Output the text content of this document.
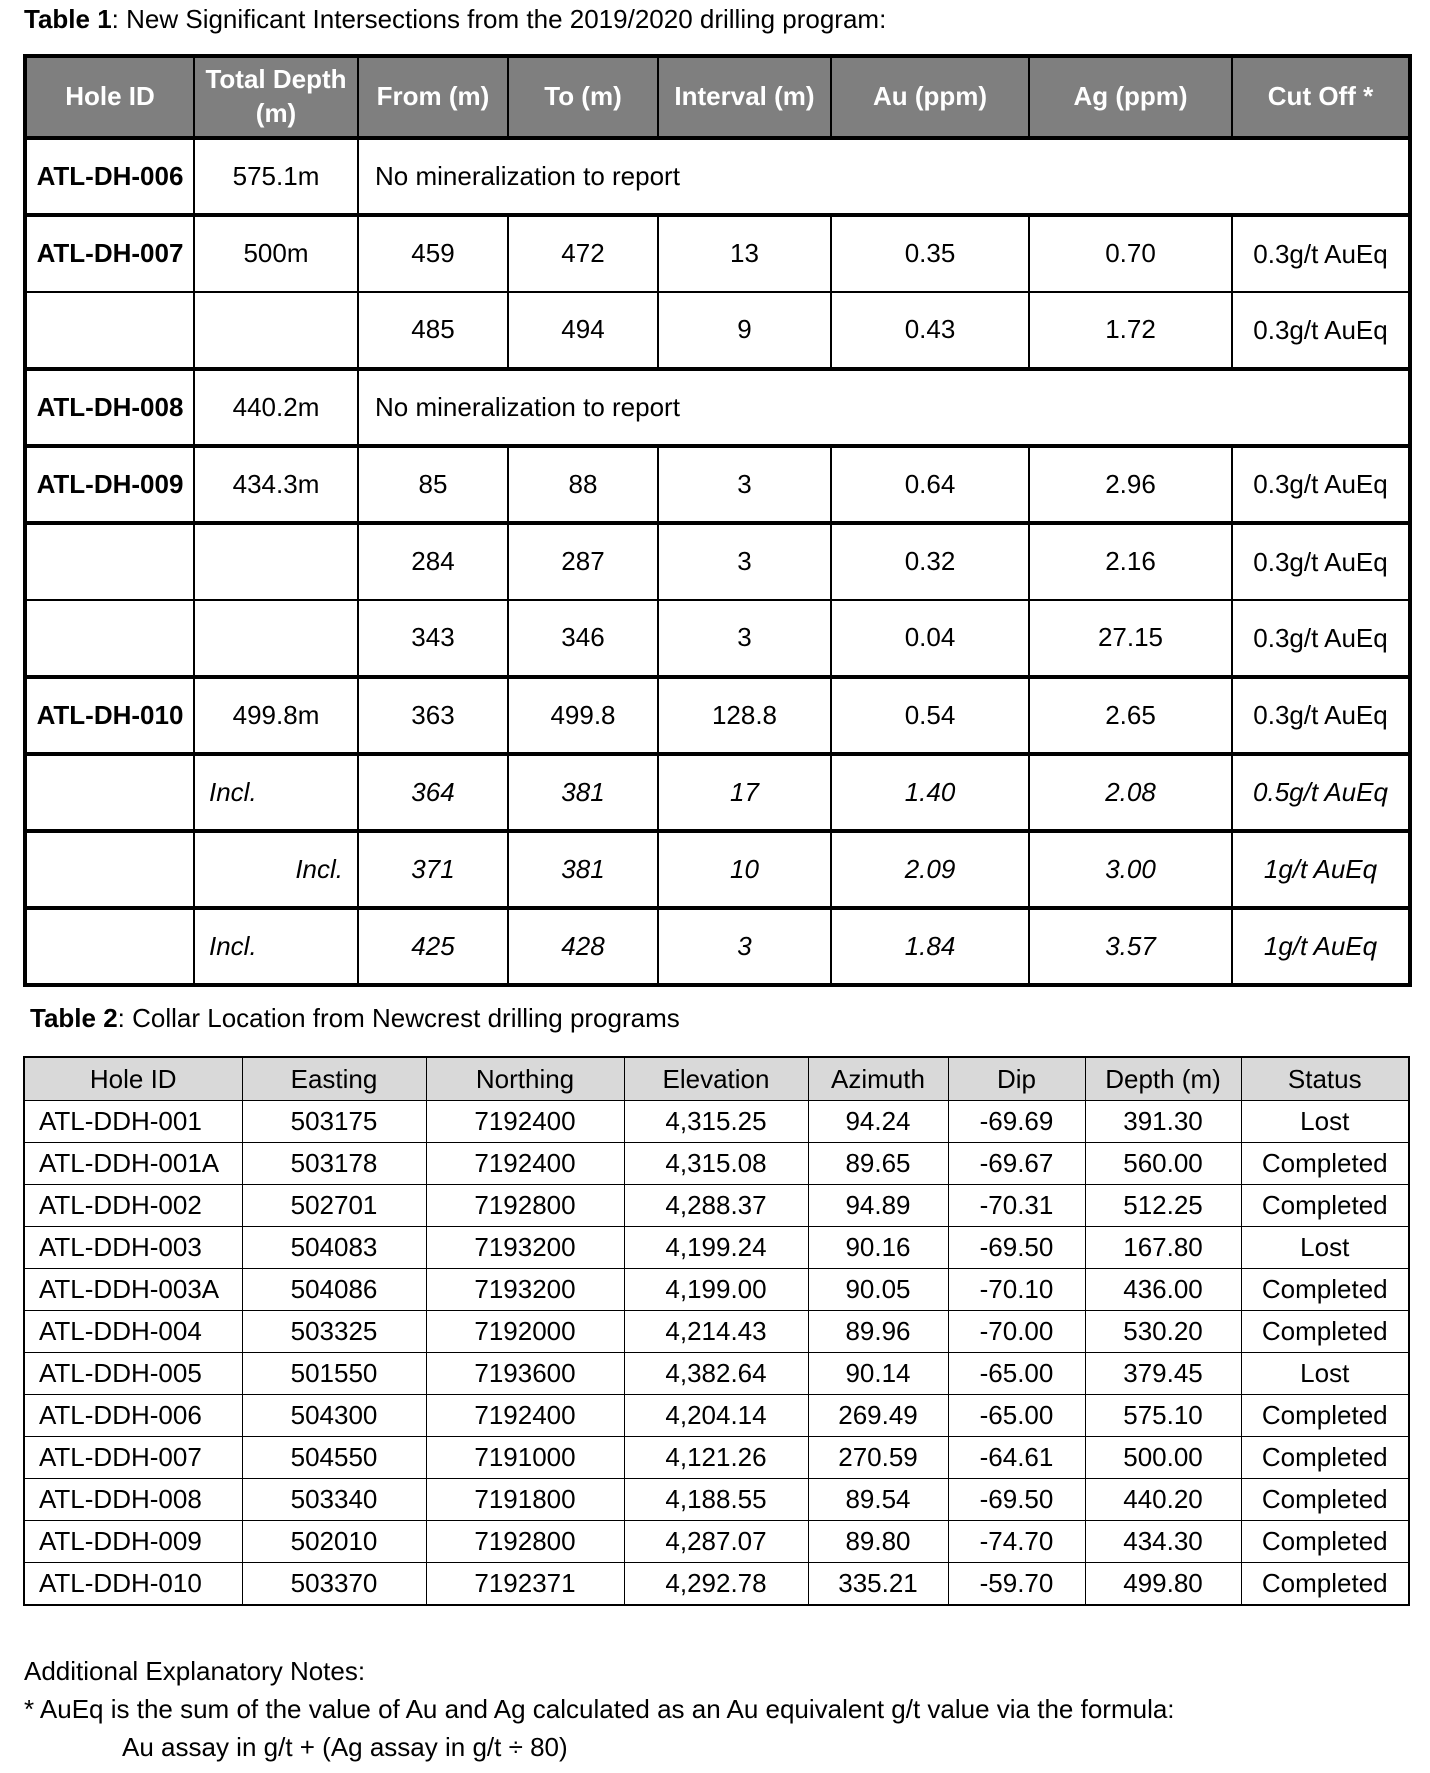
Table 1: New Significant Intersections from the 2019/2020 drilling program:
Hole ID	Total Depth (m)	From (m)	To (m)	Interval (m)	Au (ppm)	Ag (ppm)	Cut Off *
ATL-DH-006	575.1m	No mineralization to report					
ATL-DH-007	500m	459	472	13	0.35	0.70	0.3g/t AuEq
		485	494	9	0.43	1.72	0.3g/t AuEq
ATL-DH-008	440.2m	No mineralization to report					
ATL-DH-009	434.3m	85	88	3	0.64	2.96	0.3g/t AuEq
		284	287	3	0.32	2.16	0.3g/t AuEq
		343	346	3	0.04	27.15	0.3g/t AuEq
ATL-DH-010	499.8m	363	499.8	128.8	0.54	2.65	0.3g/t AuEq
	Incl.	364	381	17	1.40	2.08	0.5g/t AuEq
	Incl.	371	381	10	2.09	3.00	1g/t AuEq
	Incl.	425	428	3	1.84	3.57	1g/t AuEq
Table 2: Collar Location from Newcrest drilling programs
Hole ID	Easting	Northing	Elevation	Azimuth	Dip	Depth (m)	Status
ATL-DDH-001	503175	7192400	4,315.25	94.24	-69.69	391.30	Lost
ATL-DDH-001A	503178	7192400	4,315.08	89.65	-69.67	560.00	Completed
ATL-DDH-002	502701	7192800	4,288.37	94.89	-70.31	512.25	Completed
ATL-DDH-003	504083	7193200	4,199.24	90.16	-69.50	167.80	Lost
ATL-DDH-003A	504086	7193200	4,199.00	90.05	-70.10	436.00	Completed
ATL-DDH-004	503325	7192000	4,214.43	89.96	-70.00	530.20	Completed
ATL-DDH-005	501550	7193600	4,382.64	90.14	-65.00	379.45	Lost
ATL-DDH-006	504300	7192400	4,204.14	269.49	-65.00	575.10	Completed
ATL-DDH-007	504550	7191000	4,121.26	270.59	-64.61	500.00	Completed
ATL-DDH-008	503340	7191800	4,188.55	89.54	-69.50	440.20	Completed
ATL-DDH-009	502010	7192800	4,287.07	89.80	-74.70	434.30	Completed
ATL-DDH-010	503370	7192371	4,292.78	335.21	-59.70	499.80	Completed
Additional Explanatory Notes:
* AuEq is the sum of the value of Au and Ag calculated as an Au equivalent g/t value via the formula:
Au assay in g/t + (Ag assay in g/t ÷ 80)
